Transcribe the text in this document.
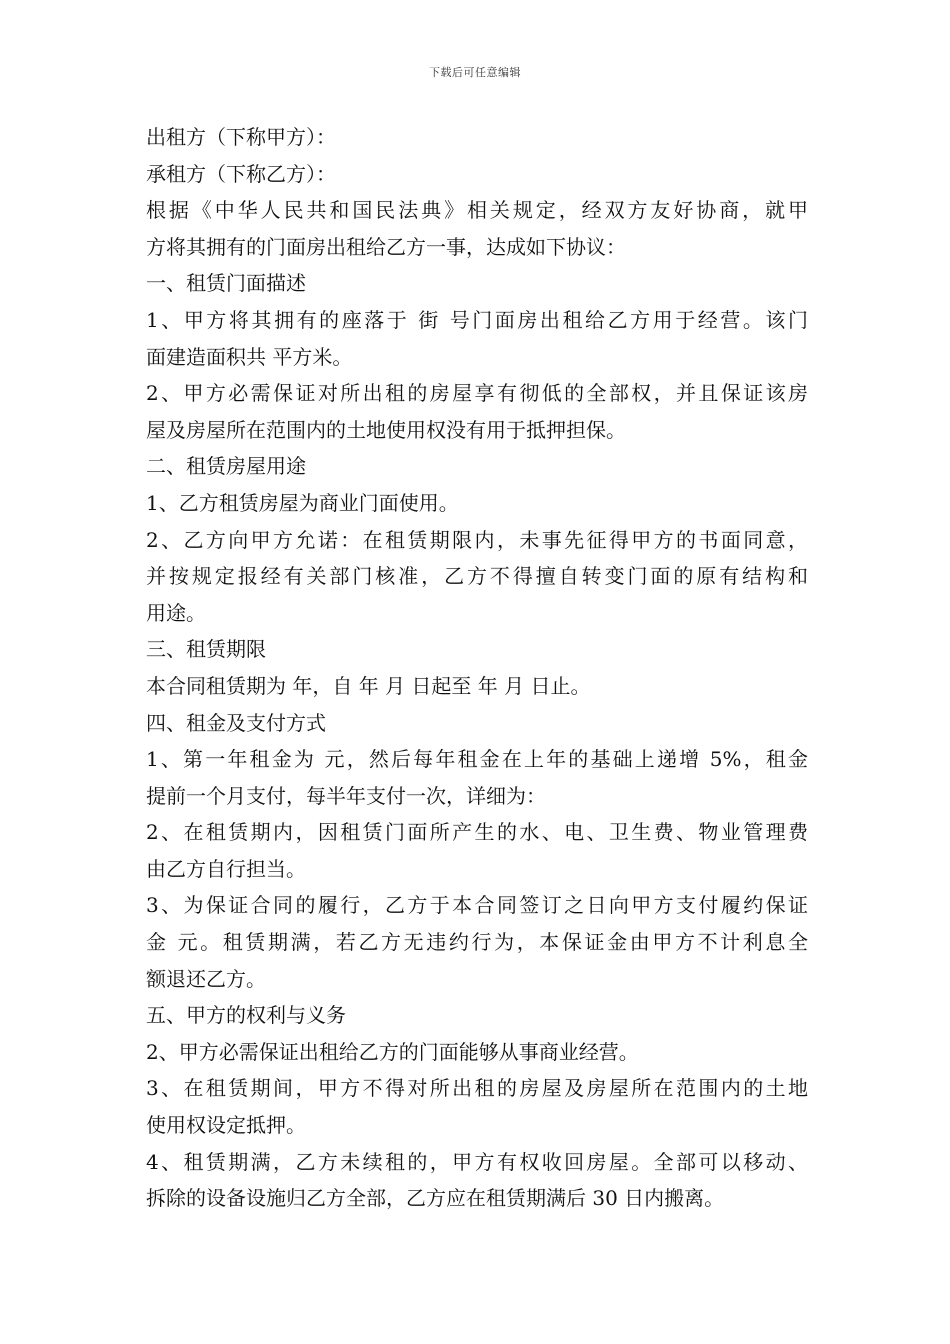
下载后可任意编辑
出租方（下称甲方）：
承租方（下称乙方）：
根据《中华人民共和国民法典》相关规定，经双方友好协商，就甲
方将其拥有的门面房出租给乙方一事，达成如下协议：
一、租赁门面描述
1、甲方将其拥有的座落于 街 号门面房出租给乙方用于经营。该门
面建造面积共 平方米。
2、甲方必需保证对所出租的房屋享有彻低的全部权，并且保证该房
屋及房屋所在范围内的土地使用权没有用于抵押担保。
二、租赁房屋用途
1、乙方租赁房屋为商业门面使用。
2、乙方向甲方允诺：在租赁期限内，未事先征得甲方的书面同意，
并按规定报经有关部门核准，乙方不得擅自转变门面的原有结构和
用途。
三、租赁期限
本合同租赁期为 年，自 年 月 日起至 年 月 日止。
四、租金及支付方式
1、第一年租金为 元，然后每年租金在上年的基础上递增 5%，租金
提前一个月支付，每半年支付一次，详细为：
2、在租赁期内，因租赁门面所产生的水、电、卫生费、物业管理费
由乙方自行担当。
3、为保证合同的履行，乙方于本合同签订之日向甲方支付履约保证
金 元。租赁期满，若乙方无违约行为，本保证金由甲方不计利息全
额退还乙方。
五、甲方的权利与义务
2、甲方必需保证出租给乙方的门面能够从事商业经营。
3、在租赁期间，甲方不得对所出租的房屋及房屋所在范围内的土地
使用权设定抵押。
4、租赁期满，乙方未续租的，甲方有权收回房屋。全部可以移动、
拆除的设备设施归乙方全部，乙方应在租赁期满后 30 日内搬离。
